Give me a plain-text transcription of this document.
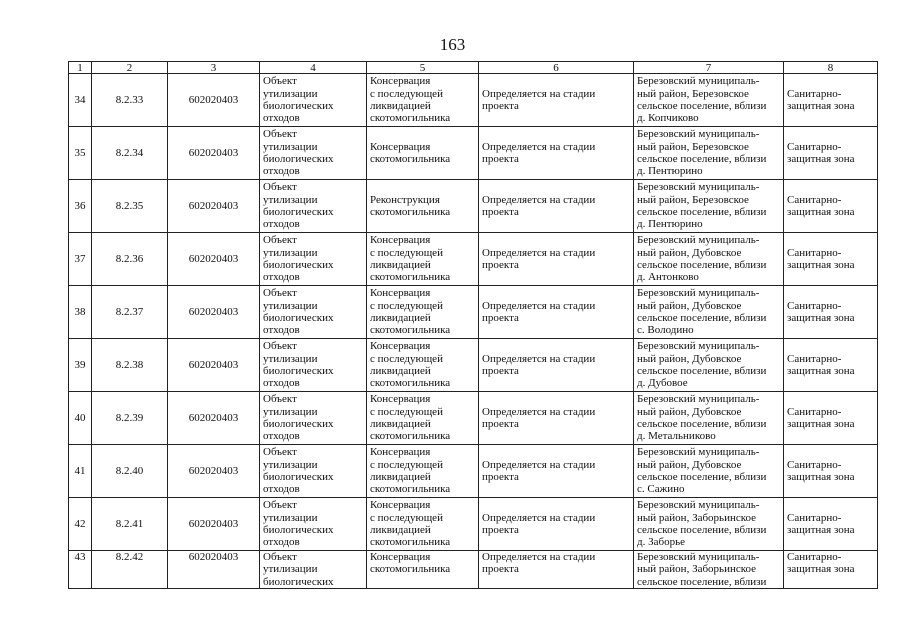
163
1	2	3	4	5	6	7	8
34	8.2.33	602020403	Объект
утилизации
биологических
отходов	Консервация
с последующей
ликвидацией
скотомогильника	Определяется на стадии
проекта	Березовский муниципаль-
ный район, Березовское
сельское поселение, вблизи
д. Копчиково	Санитарно-
защитная зона
35	8.2.34	602020403	Объект
утилизации
биологических
отходов	Консервация
скотомогильника	Определяется на стадии
проекта	Березовский муниципаль-
ный район, Березовское
сельское поселение, вблизи
д. Пентюрино	Санитарно-
защитная зона
36	8.2.35	602020403	Объект
утилизации
биологических
отходов	Реконструкция
скотомогильника	Определяется на стадии
проекта	Березовский муниципаль-
ный район, Березовское
сельское поселение, вблизи
д. Пентюрино	Санитарно-
защитная зона
37	8.2.36	602020403	Объект
утилизации
биологических
отходов	Консервация
с последующей
ликвидацией
скотомогильника	Определяется на стадии
проекта	Березовский муниципаль-
ный район, Дубовское
сельское поселение, вблизи
д. Антонково	Санитарно-
защитная зона
38	8.2.37	602020403	Объект
утилизации
биологических
отходов	Консервация
с последующей
ликвидацией
скотомогильника	Определяется на стадии
проекта	Березовский муниципаль-
ный район, Дубовское
сельское поселение, вблизи
с. Володино	Санитарно-
защитная зона
39	8.2.38	602020403	Объект
утилизации
биологических
отходов	Консервация
с последующей
ликвидацией
скотомогильника	Определяется на стадии
проекта	Березовский муниципаль-
ный район, Дубовское
сельское поселение, вблизи
д. Дубовое	Санитарно-
защитная зона
40	8.2.39	602020403	Объект
утилизации
биологических
отходов	Консервация
с последующей
ликвидацией
скотомогильника	Определяется на стадии
проекта	Березовский муниципаль-
ный район, Дубовское
сельское поселение, вблизи
д. Метальниково	Санитарно-
защитная зона
41	8.2.40	602020403	Объект
утилизации
биологических
отходов	Консервация
с последующей
ликвидацией
скотомогильника	Определяется на стадии
проекта	Березовский муниципаль-
ный район, Дубовское
сельское поселение, вблизи
с. Сажино	Санитарно-
защитная зона
42	8.2.41	602020403	Объект
утилизации
биологических
отходов	Консервация
с последующей
ликвидацией
скотомогильника	Определяется на стадии
проекта	Березовский муниципаль-
ный район, Заборьинское
сельское поселение, вблизи
д. Заборье	Санитарно-
защитная зона
43	8.2.42	602020403	Объект
утилизации
биологических	Консервация
скотомогильника	Определяется на стадии
проекта	Березовский муниципаль-
ный район, Заборьинское
сельское поселение, вблизи	Санитарно-
защитная зона
